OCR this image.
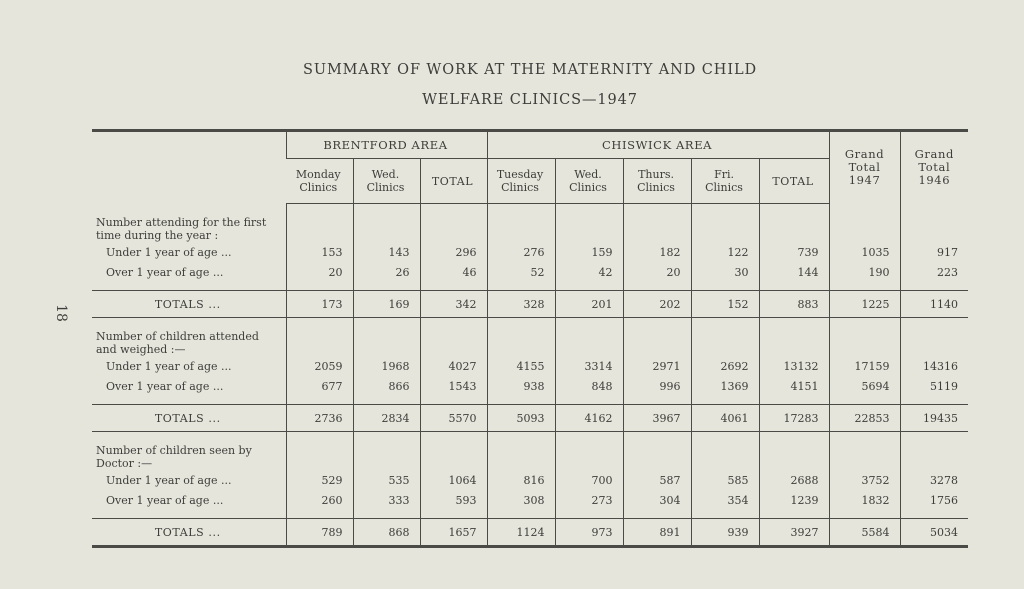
SUMMARY OF WORK AT THE MATERNITY AND CHILD
WELFARE CLINICS—1947
18
	BRENTFORD AREA			CHISWICK AREA					Grand Total 1947	Grand Total 1946
	Monday Clinics	Wed. Clinics	TOTAL	Tuesday Clinics	Wed. Clinics	Thurs. Clinics	Fri. Clinics	TOTAL		
Number attending for the first time during the year :										
Under 1 year of age ...	153	143	296	276	159	182	122	739	1035	917
Over 1 year of age ...	20	26	46	52	42	20	30	144	190	223

TOTALS ...	173	169	342	328	201	202	152	883	1225	1140
Number of children attended and weighed :—										
Under 1 year of age ...	2059	1968	4027	4155	3314	2971	2692	13132	17159	14316
Over 1 year of age ...	677	866	1543	938	848	996	1369	4151	5694	5119

TOTALS ...	2736	2834	5570	5093	4162	3967	4061	17283	22853	19435
Number of children seen by Doctor :—										
Under 1 year of age ...	529	535	1064	816	700	587	585	2688	3752	3278
Over 1 year of age ...	260	333	593	308	273	304	354	1239	1832	1756

TOTALS ...	789	868	1657	1124	973	891	939	3927	5584	5034
